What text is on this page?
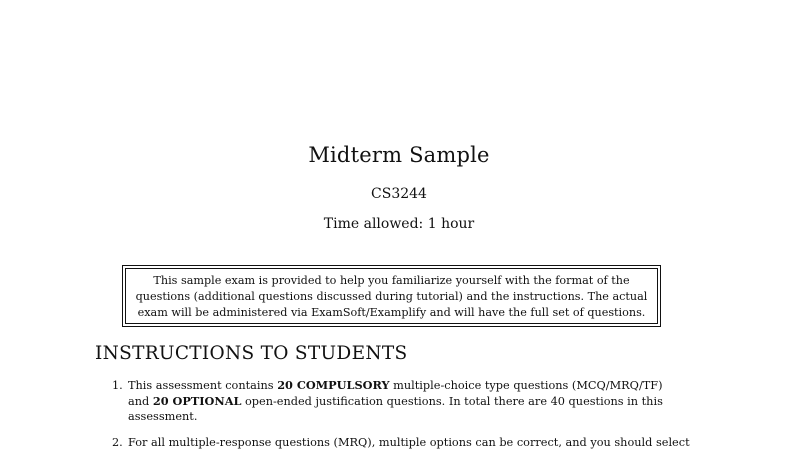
Midterm Sample
CS3244
Time allowed: 1 hour
This sample exam is provided to help you familiarize yourself with the format of the
questions (additional questions discussed during tutorial) and the instructions. The actual
exam will be administered via ExamSoft/Examplify and will have the full set of questions.
INSTRUCTIONS TO STUDENTS
1. This assessment contains 20 COMPULSORY multiple-choice type questions (MCQ/MRQ/TF)
and 20 OPTIONAL open-ended justification questions. In total there are 40 questions in this
assessment.
2. For all multiple-response questions (MRQ), multiple options can be correct, and you should select
